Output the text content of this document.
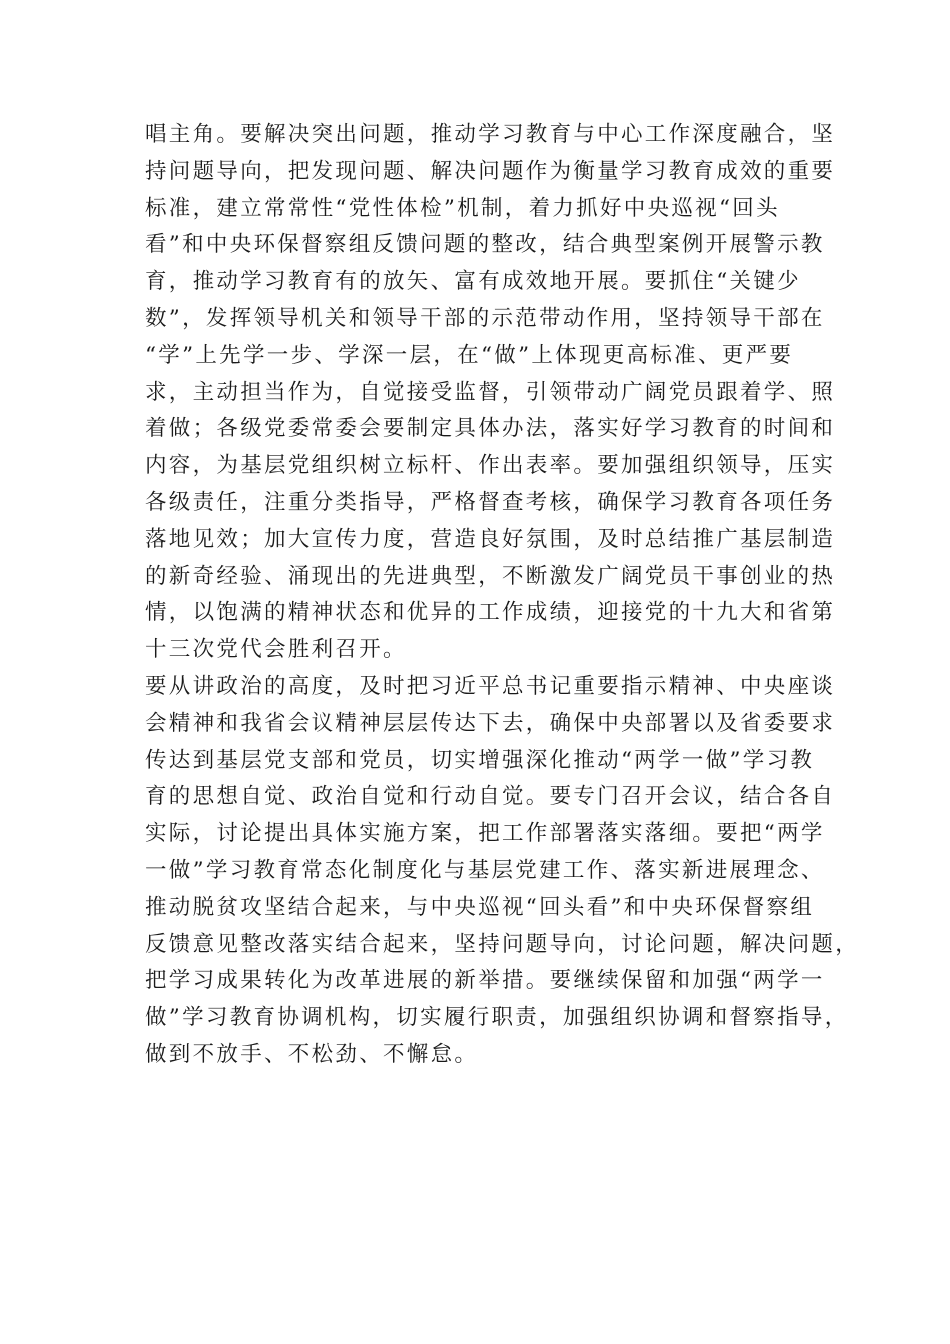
唱主角。要解决突出问题，推动学习教育与中心工作深度融合，坚
持问题导向，把发现问题、解决问题作为衡量学习教育成效的重要
标准，建立常常性“党性体检”机制，着力抓好中央巡视“回头
看”和中央环保督察组反馈问题的整改，结合典型案例开展警示教
育，推动学习教育有的放矢、富有成效地开展。要抓住“关键少
数”，发挥领导机关和领导干部的示范带动作用，坚持领导干部在
“学”上先学一步、学深一层，在“做”上体现更高标准、更严要
求，主动担当作为，自觉接受监督，引领带动广阔党员跟着学、照
着做；各级党委常委会要制定具体办法，落实好学习教育的时间和
内容，为基层党组织树立标杆、作出表率。要加强组织领导，压实
各级责任，注重分类指导，严格督查考核，确保学习教育各项任务
落地见效；加大宣传力度，营造良好氛围，及时总结推广基层制造
的新奇经验、涌现出的先进典型，不断激发广阔党员干事创业的热
情，以饱满的精神状态和优异的工作成绩，迎接党的十九大和省第
十三次党代会胜利召开。
要从讲政治的高度，及时把习近平总书记重要指示精神、中央座谈
会精神和我省会议精神层层传达下去，确保中央部署以及省委要求
传达到基层党支部和党员，切实增强深化推动“两学一做”学习教
育的思想自觉、政治自觉和行动自觉。要专门召开会议，结合各自
实际，讨论提出具体实施方案，把工作部署落实落细。要把“两学
一做”学习教育常态化制度化与基层党建工作、落实新进展理念、
推动脱贫攻坚结合起来，与中央巡视“回头看”和中央环保督察组
反馈意见整改落实结合起来，坚持问题导向，讨论问题，解决问题，
把学习成果转化为改革进展的新举措。要继续保留和加强“两学一
做”学习教育协调机构，切实履行职责，加强组织协调和督察指导，
做到不放手、不松劲、不懈怠。
